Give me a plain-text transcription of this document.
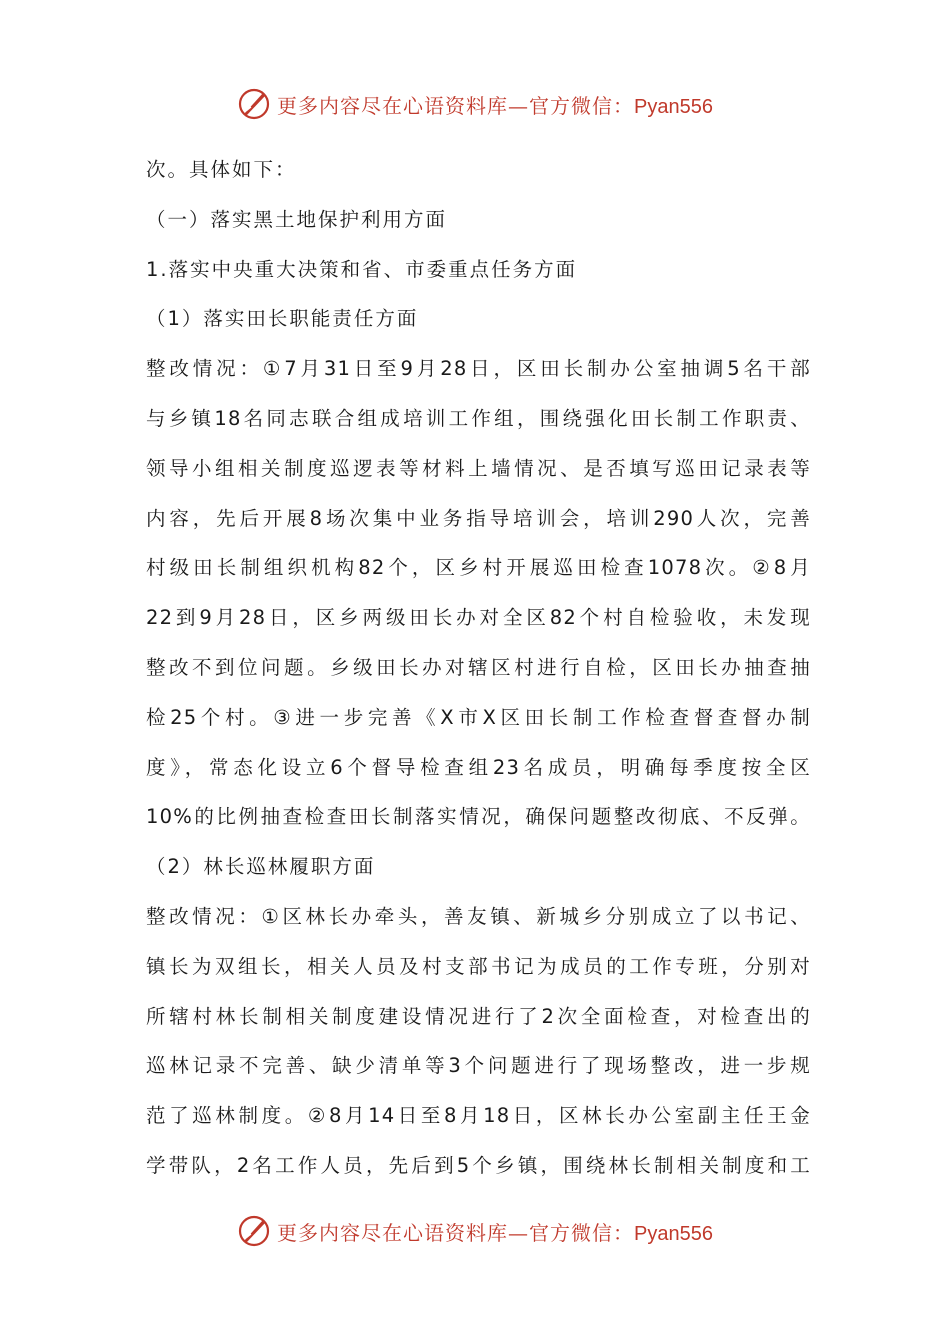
更多内容尽在心语资料库—官方微信：Pyan556
次。具体如下：
（一）落实黑土地保护利用方面
1.落实中央重大决策和省、市委重点任务方面
（1）落实田长职能责任方面
整改情况：①7月31日至9月28日，区田长制办公室抽调5名干部
与乡镇18名同志联合组成培训工作组，围绕强化田长制工作职责、
领导小组相关制度巡逻表等材料上墙情况、是否填写巡田记录表等
内容，先后开展8场次集中业务指导培训会，培训290人次，完善
村级田长制组织机构82个，区乡村开展巡田检查1078次。②8月
22到9月28日，区乡两级田长办对全区82个村自检验收，未发现
整改不到位问题。乡级田长办对辖区村进行自检，区田长办抽查抽
检25个村。③进一步完善《X市X区田长制工作检查督查督办制
度》，常态化设立6个督导检查组23名成员，明确每季度按全区
10%的比例抽查检查田长制落实情况，确保问题整改彻底、不反弹。
（2）林长巡林履职方面
整改情况：①区林长办牵头，善友镇、新城乡分别成立了以书记、
镇长为双组长，相关人员及村支部书记为成员的工作专班，分别对
所辖村林长制相关制度建设情况进行了2次全面检查，对检查出的
巡林记录不完善、缺少清单等3个问题进行了现场整改，进一步规
范了巡林制度。②8月14日至8月18日，区林长办公室副主任王金
学带队，2名工作人员，先后到5个乡镇，围绕林长制相关制度和工
更多内容尽在心语资料库—官方微信：Pyan556
